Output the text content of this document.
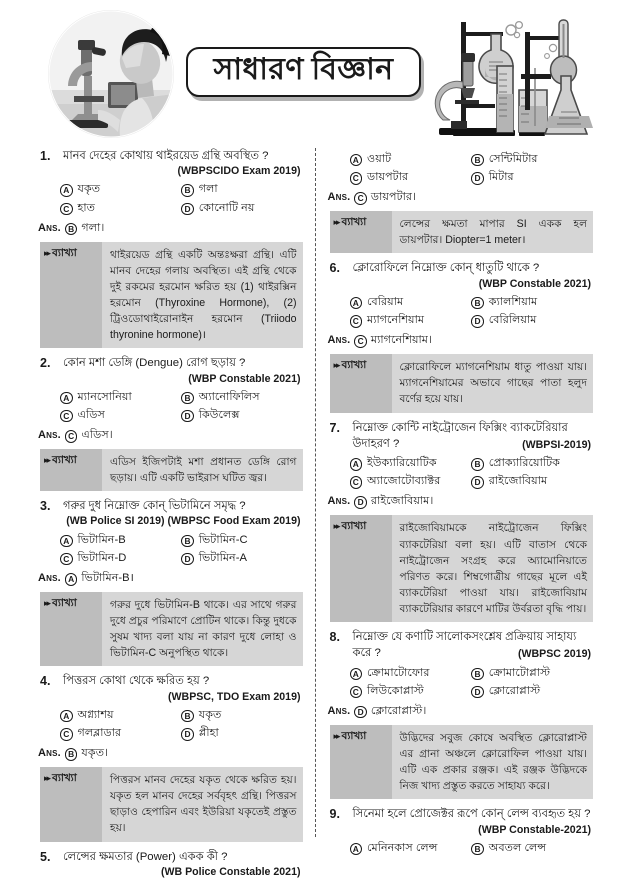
সাধারণ বিজ্ঞান
1.	মানব দেহের কোথায় থাইরয়েড গ্রন্থি অবস্থিত ?
(WBPSCIDO Exam 2019)
A যকৃত	B গলা
C হাত	D কোনোটি নয়
Ans. B গলা।
▸▸ ব্যাখ্যা	থাইরয়েড গ্রন্থি একটি অন্তঃক্ষরা গ্রন্থি। এটি মানব দেহের গলায় অবস্থিত। এই গ্রন্থি থেকে দুই রকমের হরমোন ক্ষরিত হয় (1) থাইরক্সিন হরমোন (Thyroxine Hormone), (2) ট্রিওডোথাইরোনাইন হরমোন (Triiodo thyronine hormone)।
2.	কোন মশা ডেঙ্গি (Dengue) রোগ ছড়ায় ?
(WBP Constable 2021)
A ম্যানসোনিয়া	B অ্যানোফিলিস
C এডিস	D কিউলেক্স
Ans. C এডিস।
▸▸ ব্যাখ্যা	এডিস ইজিপটাই মশা প্রধানত ডেঙ্গি রোগ ছড়ায়। এটি একটি ভাইরাস ঘটিত জ্বর।
3.	গরুর দুধ নিম্নোক্ত কোন্ ভিটামিনে সমৃদ্ধ ?
(WB Police SI 2019) (WBPSC Food Exam 2019)
A ভিটামিন-B	B ভিটামিন-C
C ভিটামিন-D	D ভিটামিন-A
Ans. A ভিটামিন-B।
▸▸ ব্যাখ্যা	গরুর দুধে ভিটামিন-B থাকে। এর সাথে গরুর দুধে প্রচুর পরিমাণে প্রোটিন থাকে। কিন্তু দুধকে সুষম খাদ্য বলা যায় না কারণ দুধে লোহা ও ভিটামিন-C অনুপস্থিত থাকে।
4.	পিত্তরস কোথা থেকে ক্ষরিত হয় ?
(WBPSC, TDO Exam 2019)
A অগ্ন্যাশয়	B যকৃত
C গলব্লাডার	D প্লীহা
Ans. B যকৃত।
▸▸ ব্যাখ্যা	পিত্তরস মানব দেহের যকৃত থেকে ক্ষরিত হয়। যকৃত হল মানব দেহের সর্ববৃহৎ গ্রন্থি। পিত্তরস ছাড়াও হেপারিন এবং ইউরিয়া যকৃতেই প্রস্তুত হয়।
5.	লেন্সের ক্ষমতার (Power) একক কী ?
(WB Police Constable 2021)
A ওয়াট	B সেন্টিমিটার
C ডায়পটার	D মিটার
Ans. C ডায়পটার।
▸▸ ব্যাখ্যা	লেন্সের ক্ষমতা মাপার SI একক হল ডায়পটার। Diopter=1 meter।
6.	ক্লোরোফিলে নিম্নোক্ত কোন্ ধাতুটি থাকে ?
(WBP Constable 2021)
A বেরিয়াম	B ক্যালশিয়াম
C ম্যাগনেশিয়াম	D বেরিলিয়াম
Ans. C ম্যাগনেশিয়াম।
▸▸ ব্যাখ্যা	ক্লোরোফিলে ম্যাগনেশিয়াম ধাতু পাওয়া যায়। ম্যাগনেশিয়ামের অভাবে গাছের পাতা হলুদ বর্ণের হয়ে যায়।
7.	নিম্নোক্ত কোন্টি নাইট্রোজেন ফিক্সিং ব্যাকটেরিয়ার উদাহরণ ?	(WBPSI-2019)
A ইউক্যারিয়োটিক	B প্রোক্যারিয়োটিক
C অ্যাজোটোব্যাক্টর	D রাইজোবিয়াম
Ans. D রাইজোবিয়াম।
▸▸ ব্যাখ্যা	রাইজোবিয়ামকে নাইট্রোজেন ফিক্সিং ব্যাকটেরিয়া বলা হয়। এটি বাতাস থেকে নাইট্রোজেন সংগ্রহ করে অ্যামোনিয়াতে পরিণত করে। শিম্বগোত্রীয় গাছের মূলে এই ব্যাকটেরিয়া পাওয়া যায়। রাইজোবিয়াম ব্যাকটেরিয়ার কারণে মাটির উর্বরতা বৃদ্ধি পায়।
8.	নিম্নোক্ত যে কণাটি সালোকসংশ্লেষ প্রক্রিয়ায় সাহায্য করে ?	(WBPSC 2019)
A ক্রোমাটোফোর	B ক্রোমাটোপ্লাস্ট
C লিউকোপ্লাস্ট	D ক্লোরোপ্লাস্ট
Ans. D ক্লোরোপ্লাস্ট।
▸▸ ব্যাখ্যা	উদ্ভিদের সবুজ কোষে অবস্থিত ক্লোরোপ্লাস্ট এর গ্রানা অঞ্চলে ক্লোরোফিল পাওয়া যায়। এটি এক প্রকার রঞ্জক। এই রঞ্জক উদ্ভিদকে নিজ খাদ্য প্রস্তুত করতে সাহায্য করে।
9.	সিনেমা হলে প্রোজেক্টর রূপে কোন্ লেন্স ব্যবহৃত হয় ?
(WBP Constable-2021)
A মেনিনকাস লেন্স	B অবতল লেন্স
